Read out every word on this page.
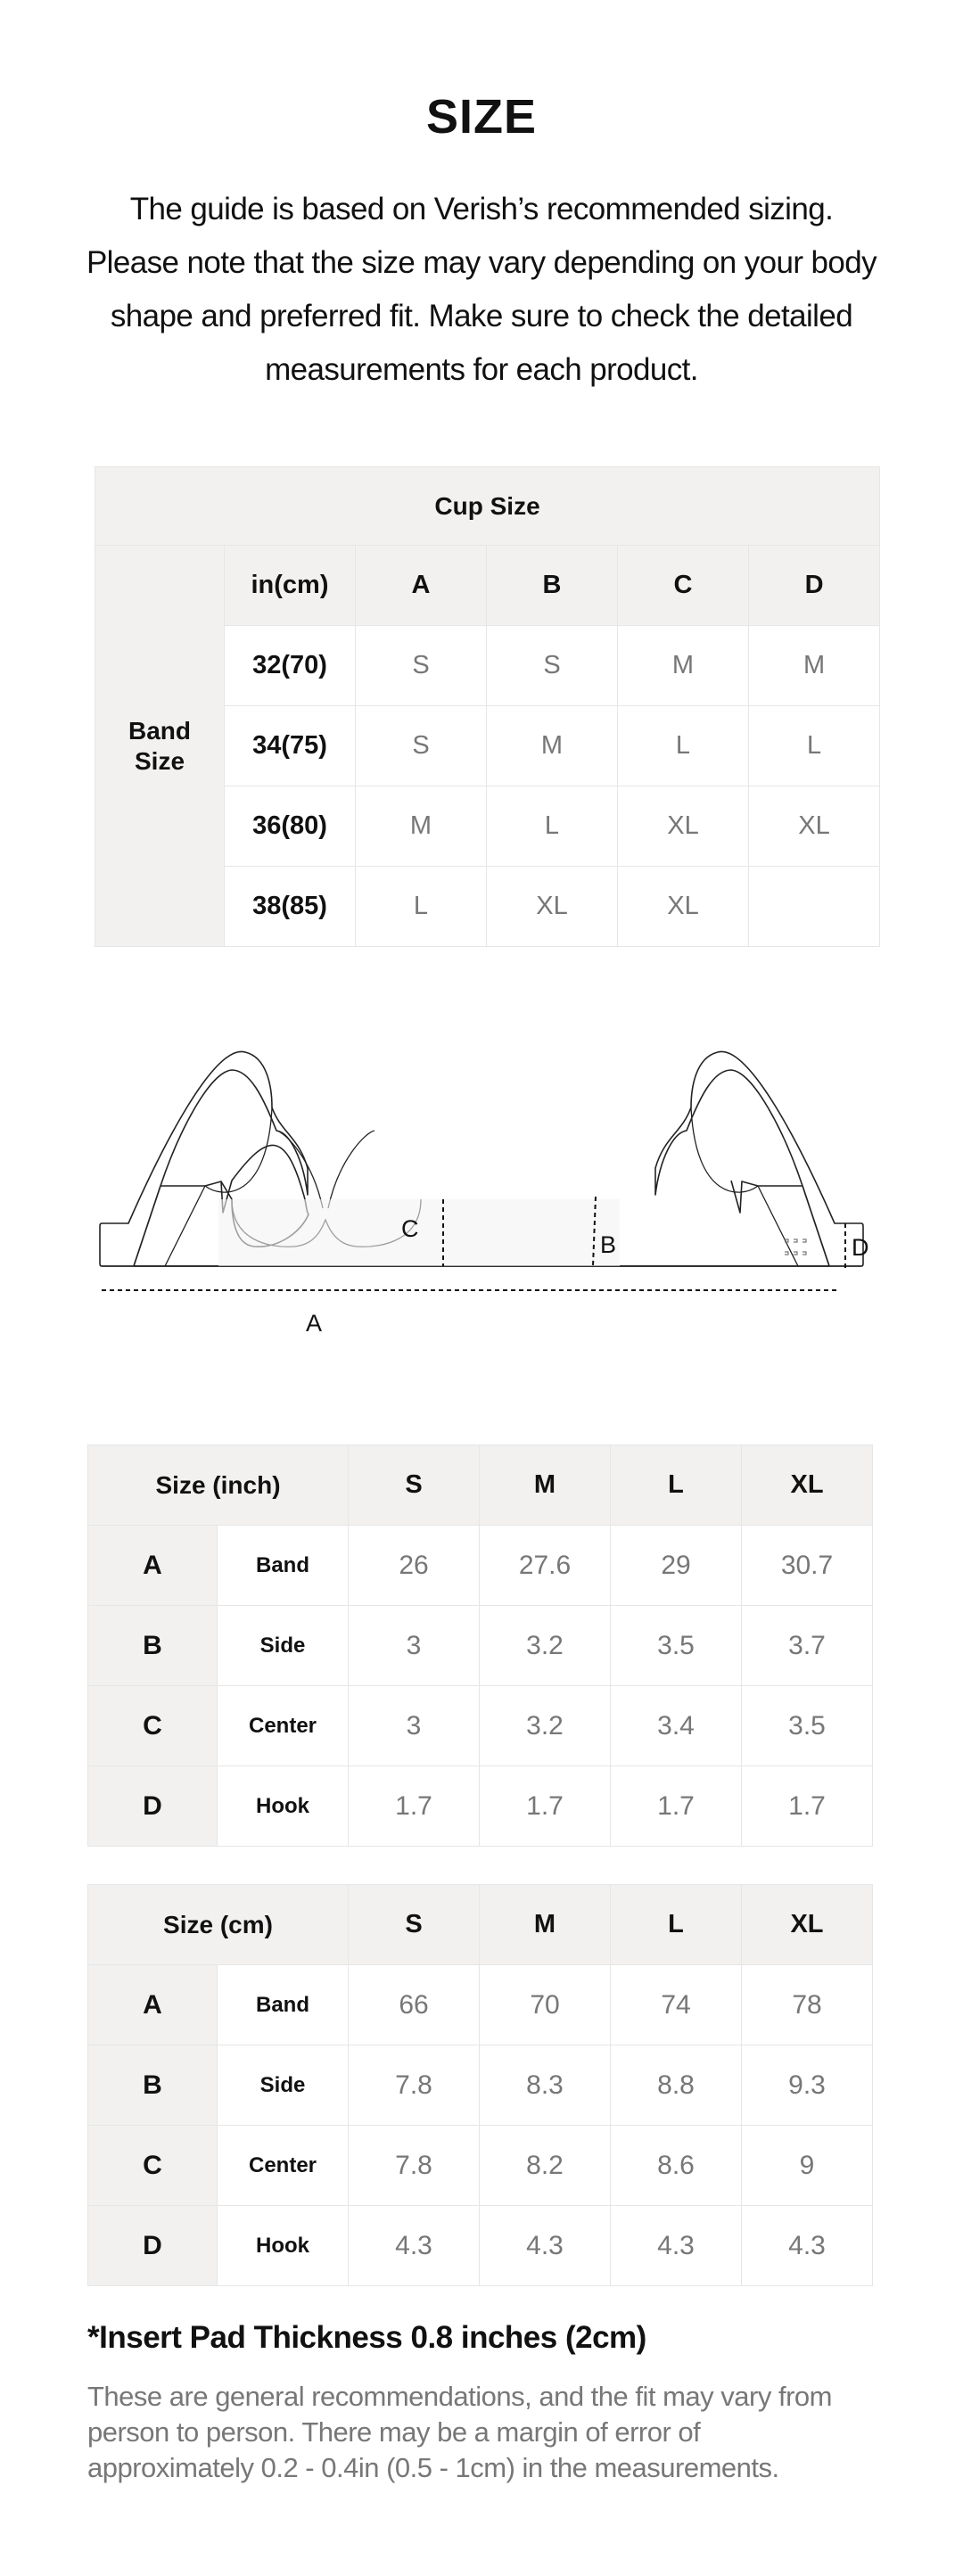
SIZE
The guide is based on Verish’s recommended sizing. Please note that the size may vary depending on your body shape and preferred fit. Make sure to check the detailed measurements for each product.
Cup Size					
Band
Size	in(cm)	A	B	C	D
	32(70)	S	S	M	M
	34(75)	S	M	L	L
	36(80)	M	L	XL	XL
	38(85)	L	XL	XL	
C
B	D
A
Size (inch)		S	M	L	XL
A	Band	26	27.6	29	30.7
B	Side	3	3.2	3.5	3.7
C	Center	3	3.2	3.4	3.5
D	Hook	1.7	1.7	1.7	1.7
Size (cm)		S	M	L	XL
A	Band	66	70	74	78
B	Side	7.8	8.3	8.8	9.3
C	Center	7.8	8.2	8.6	9
D	Hook	4.3	4.3	4.3	4.3
*Insert Pad Thickness 0.8 inches (2cm)
These are general recommendations, and the fit may vary from person to person. There may be a margin of error of approximately 0.2 - 0.4in (0.5 - 1cm) in the measurements.
